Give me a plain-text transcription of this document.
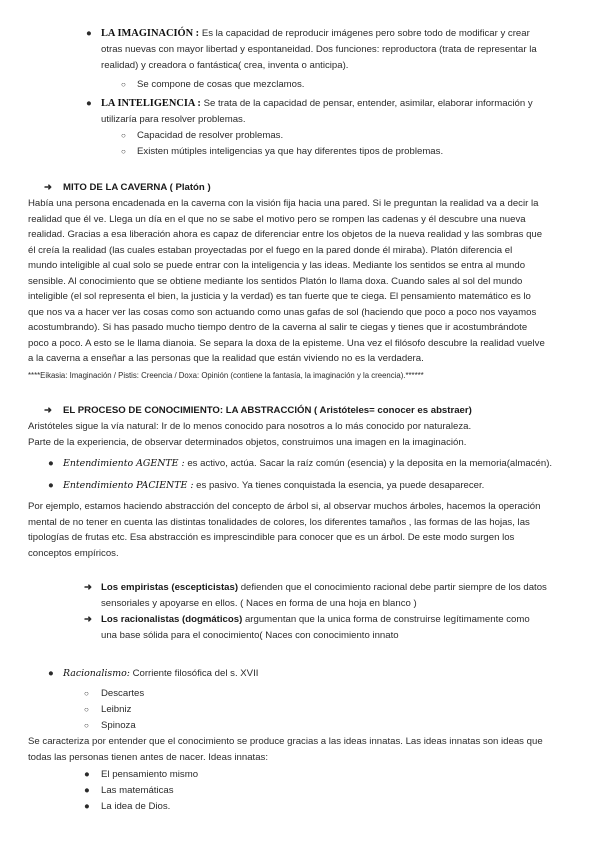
● LA IMAGINACIÓN : Es la capacidad de reproducir imágenes pero sobre todo de modificar y crear
otras nuevas con mayor libertad y espontaneidad. Dos funciones: reproductora (trata de representar la
realidad) y creadora o fantástica( crea, inventa o anticipa).
○ Se compone de cosas que mezclamos.
● LA INTELIGENCIA : Se trata de la capacidad de pensar, entender, asimilar, elaborar información y
utilizaría para resolver problemas.
○ Capacidad de resolver problemas.
○ Existen mútiples inteligencias ya que hay diferentes tipos de problemas.
➜ MITO DE LA CAVERNA ( Platón )
Había una persona encadenada en la caverna con la visión fija hacia una pared. Si le preguntan la realidad va a decir la
realidad que él ve. Llega un día en el que no se sabe el motivo pero se rompen las cadenas y él descubre una nueva
realidad. Gracias a esa liberación ahora es capaz de diferenciar entre los objetos de la nueva realidad y las sombras que
él creía la realidad (las cuales estaban proyectadas por el fuego en la pared donde él miraba). Platón diferencia el
mundo inteligible al cual solo se puede entrar con la inteligencia y las ideas. Mediante los sentidos se entra al mundo
sensible. Al conocimiento que se obtiene mediante los sentidos Platón lo llama doxa. Cuando sales al sol del mundo
inteligible (el sol representa el bien, la justicia y la verdad) es tan fuerte que te ciega. El pensamiento matemático es lo
que nos va a hacer ver las cosas como son actuando como unas gafas de sol (haciendo que poco a poco nos vayamos
acostumbrando). Si has pasado mucho tiempo dentro de la caverna al salir te ciegas y tienes que ir acostumbrándote
poco a poco. A esto se le llama dianoia. Se separa la doxa de la episteme. Una vez el filósofo descubre la realidad vuelve
a la caverna a enseñar a las personas que la realidad que están viviendo no es la verdadera.
****Eikasia: Imaginación / Pistis: Creencia / Doxa: Opinión (contiene la fantasía, la imaginación y la creencia).******
➜ EL PROCESO DE CONOCIMIENTO: LA ABSTRACCIÓN ( Aristóteles= conocer es abstraer)
Aristóteles sigue la vía natural: Ir de lo menos conocido para nosotros a lo más conocido por naturaleza.
Parte de la experiencia, de observar determinados objetos, construimos una imagen en la imaginación.
● Entendimiento AGENTE : es activo, actúa. Sacar la raíz común (esencia) y la deposita en la memoria(almacén).
● Entendimiento PACIENTE : es pasivo. Ya tienes conquistada la esencia, ya puede desaparecer.
Por ejemplo, estamos haciendo abstracción del concepto de árbol si, al observar muchos árboles, hacemos la operación
mental de no tener en cuenta las distintas tonalidades de colores, los diferentes tamaños , las formas de las hojas, las
tipologías de frutas etc. Esa abstracción es imprescindible para conocer que es un árbol. De este modo surgen los
conceptos empíricos.
➜ Los empiristas (escepticistas) defienden que el conocimiento racional debe partir siempre de los datos
sensoriales y apoyarse en ellos. ( Naces en forma de una hoja en blanco )
➜ Los racionalistas (dogmáticos) argumentan que la unica forma de construirse legítimamente como
una base sólida para el conocimiento( Naces con conocimiento innato
● Racionalismo: Corriente filosófica del s. XVII
○ Descartes
○ Leibniz
○ Spinoza
Se caracteriza por entender que el conocimiento se produce gracias a las ideas innatas. Las ideas innatas son ideas que
todas las personas tienen antes de nacer. Ideas innatas:
● El pensamiento mismo
● Las matemáticas
● La idea de Dios.
